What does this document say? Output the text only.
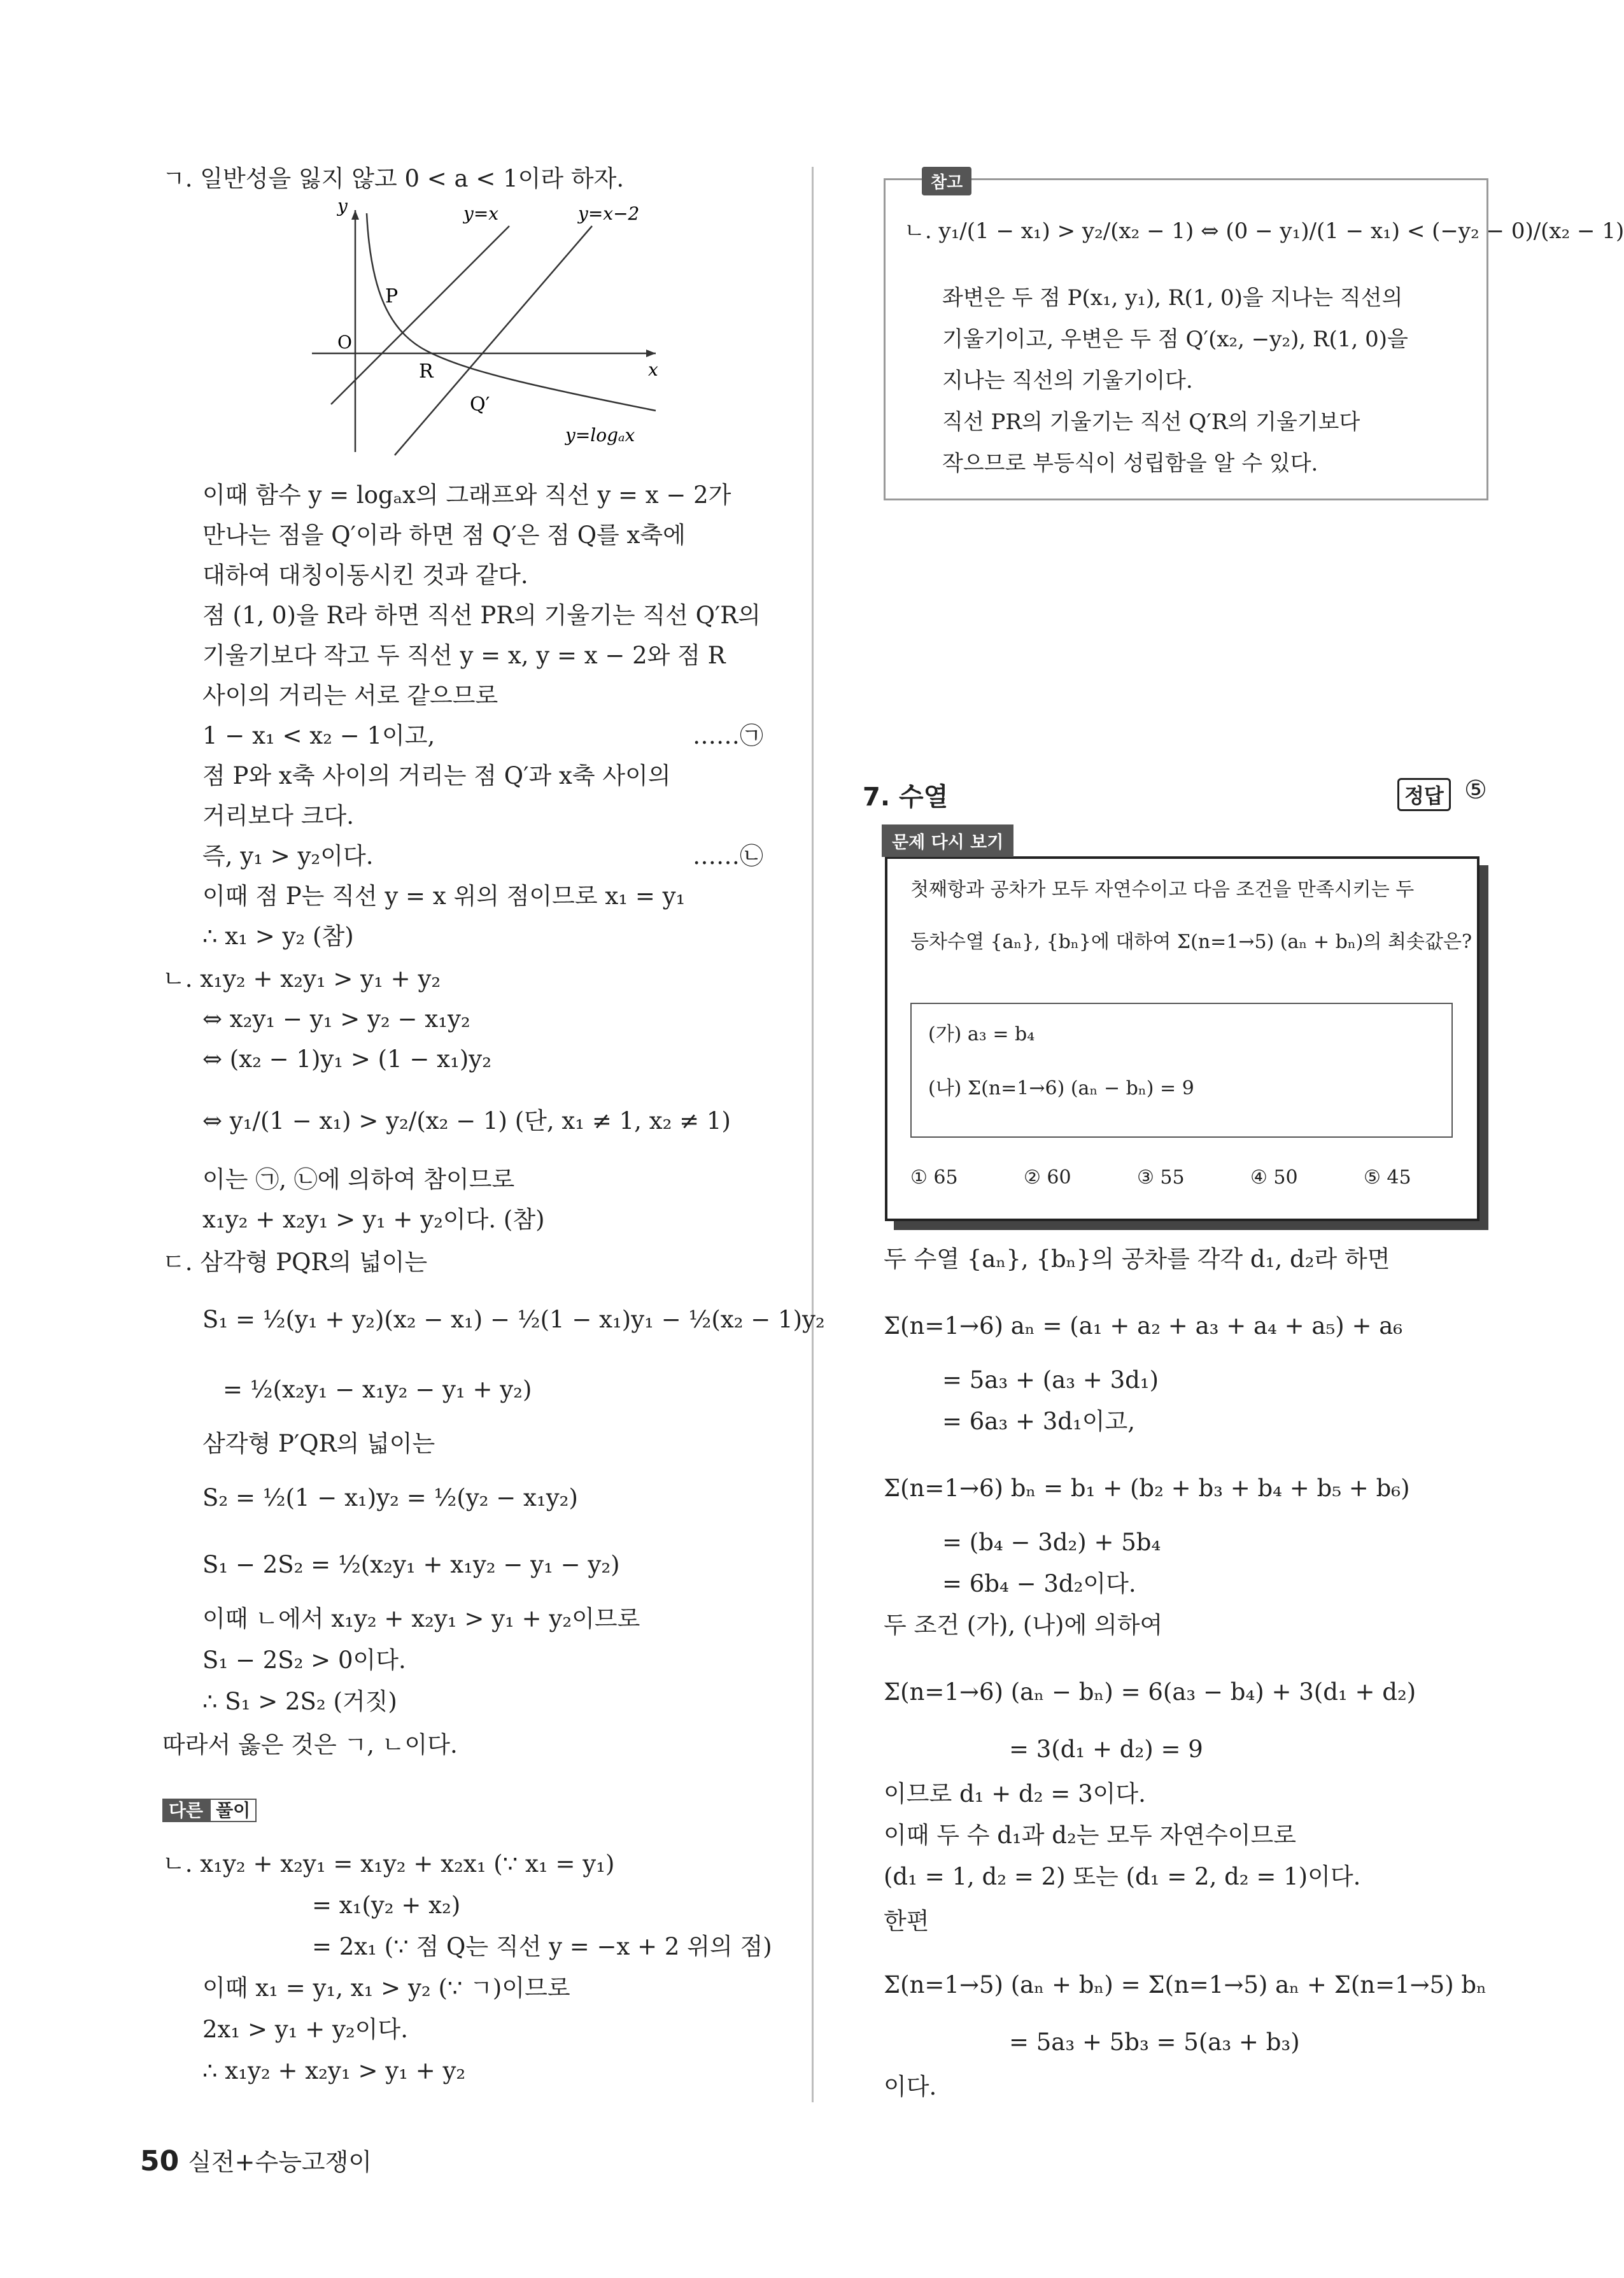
ㄱ. 일반성을 잃지 않고 0 < a < 1이라 하자.
y
x
O
P
R
Q′
y=x	y=x−2
y=logₐx
이때 함수 y = logₐx의 그래프와 직선 y = x − 2가
만나는 점을 Q′이라 하면 점 Q′은 점 Q를 x축에
대하여 대칭이동시킨 것과 같다.
점 (1, 0)을 R라 하면 직선 PR의 기울기는 직선 Q′R의
기울기보다 작고 두 직선 y = x, y = x − 2와 점 R
사이의 거리는 서로 같으므로
1 − x₁ < x₂ − 1이고,	……㉠
점 P와 x축 사이의 거리는 점 Q′과 x축 사이의
거리보다 크다.
즉, y₁ > y₂이다.	……㉡
이때 점 P는 직선 y = x 위의 점이므로 x₁ = y₁
∴ x₁ > y₂ (참)
ㄴ. x₁y₂ + x₂y₁ > y₁ + y₂
⇔ x₂y₁ − y₁ > y₂ − x₁y₂
⇔ (x₂ − 1)y₁ > (1 − x₁)y₂
⇔ y₁/(1 − x₁) > y₂/(x₂ − 1) (단, x₁ ≠ 1, x₂ ≠ 1)
이는 ㉠, ㉡에 의하여 참이므로
x₁y₂ + x₂y₁ > y₁ + y₂이다. (참)
ㄷ. 삼각형 PQR의 넓이는
S₁ = ½(y₁ + y₂)(x₂ − x₁) − ½(1 − x₁)y₁ − ½(x₂ − 1)y₂
= ½(x₂y₁ − x₁y₂ − y₁ + y₂)
삼각형 P′QR의 넓이는
S₂ = ½(1 − x₁)y₂ = ½(y₂ − x₁y₂)
S₁ − 2S₂ = ½(x₂y₁ + x₁y₂ − y₁ − y₂)
이때 ㄴ에서 x₁y₂ + x₂y₁ > y₁ + y₂이므로
S₁ − 2S₂ > 0이다.
∴ S₁ > 2S₂ (거짓)
따라서 옳은 것은 ㄱ, ㄴ이다.
다른 풀이
ㄴ. x₁y₂ + x₂y₁ = x₁y₂ + x₂x₁ (∵ x₁ = y₁)
= x₁(y₂ + x₂)
= 2x₁ (∵ 점 Q는 직선 y = −x + 2 위의 점)
이때 x₁ = y₁, x₁ > y₂ (∵ ㄱ)이므로
2x₁ > y₁ + y₂이다.
∴ x₁y₂ + x₂y₁ > y₁ + y₂
참고
ㄴ. y₁/(1 − x₁) > y₂/(x₂ − 1) ⇔ (0 − y₁)/(1 − x₁) < (−y₂ − 0)/(x₂ − 1)
좌변은 두 점 P(x₁, y₁), R(1, 0)을 지나는 직선의
기울기이고, 우변은 두 점 Q′(x₂, −y₂), R(1, 0)을
지나는 직선의 기울기이다.
직선 PR의 기울기는 직선 Q′R의 기울기보다
작으므로 부등식이 성립함을 알 수 있다.
7. 수열	정답 ⑤
문제 다시 보기
첫째항과 공차가 모두 자연수이고 다음 조건을 만족시키는 두
등차수열 {aₙ}, {bₙ}에 대하여 Σ(n=1→5) (aₙ + bₙ)의 최솟값은?
(가) a₃ = b₄
(나) Σ(n=1→6) (aₙ − bₙ) = 9
① 65	② 60	③ 55	④ 50	⑤ 45
두 수열 {aₙ}, {bₙ}의 공차를 각각 d₁, d₂라 하면
Σ(n=1→6) aₙ = (a₁ + a₂ + a₃ + a₄ + a₅) + a₆
= 5a₃ + (a₃ + 3d₁)
= 6a₃ + 3d₁이고,
Σ(n=1→6) bₙ = b₁ + (b₂ + b₃ + b₄ + b₅ + b₆)
= (b₄ − 3d₂) + 5b₄
= 6b₄ − 3d₂이다.
두 조건 (가), (나)에 의하여
Σ(n=1→6) (aₙ − bₙ) = 6(a₃ − b₄) + 3(d₁ + d₂)
= 3(d₁ + d₂) = 9
이므로 d₁ + d₂ = 3이다.
이때 두 수 d₁과 d₂는 모두 자연수이므로
(d₁ = 1, d₂ = 2) 또는 (d₁ = 2, d₂ = 1)이다.
한편
Σ(n=1→5) (aₙ + bₙ) = Σ(n=1→5) aₙ + Σ(n=1→5) bₙ
= 5a₃ + 5b₃ = 5(a₃ + b₃)
이다.
50 실전+수능고쟁이
